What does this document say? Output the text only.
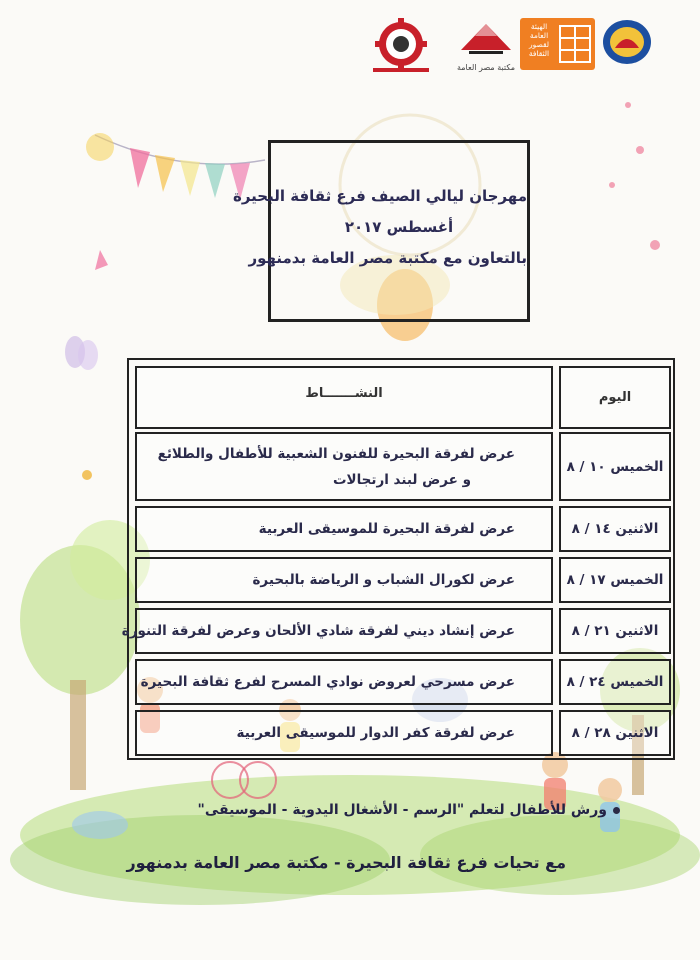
مكتبة مصر العامة
الهيئة العامة لقصور الثقافة
مهرجان ليالي الصيف فرع ثقافة البحيرة
أغسطس ٢٠١٧
بالتعاون مع مكتبة مصر العامة بدمنهور
اليوم
النشـــــــاط
الخميس ١٠ / ٨
عرض لفرقة البحيرة للفنون الشعبية للأطفال والطلائع
و عرض لبند ارتجالات
الاثنين ١٤ / ٨
عرض لفرقة البحيرة للموسيقى العربية
الخميس ١٧ / ٨
عرض لكورال الشباب و الرياضة بالبحيرة
الاثنين ٢١ / ٨
عرض إنشاد ديني لفرقة شادي الألحان وعرض لفرقة التنورة
الخميس ٢٤ / ٨
عرض مسرحي لعروض نوادي المسرح لفرع ثقافة البحيرة
الاثنين ٢٨ / ٨
عرض لفرقة كفر الدوار للموسيقى العربية
ورش للأطفال لتعلم "الرسم - الأشغال اليدوية - الموسيقى"
مع تحيات فرع ثقافة البحيرة - مكتبة مصر العامة بدمنهور
